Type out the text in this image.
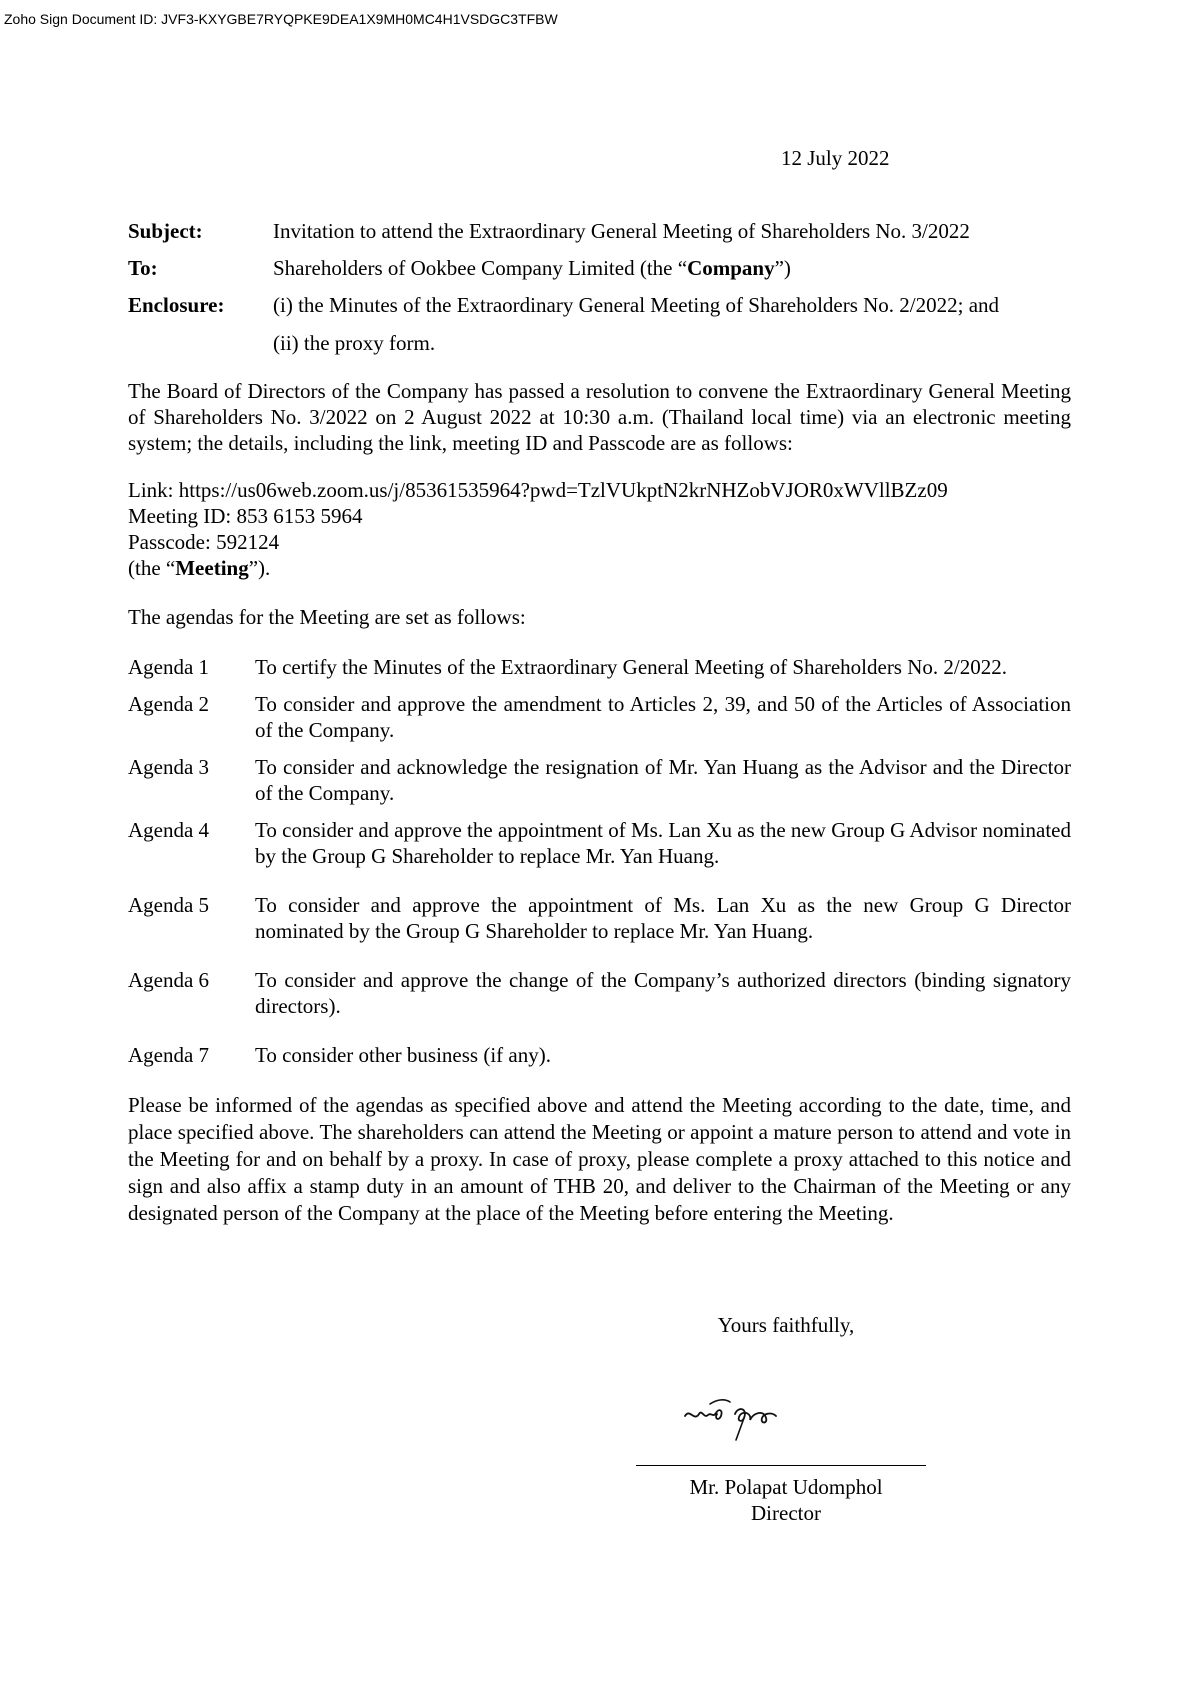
Zoho Sign Document ID: JVF3-KXYGBE7RYQPKE9DEA1X9MH0MC4H1VSDGC3TFBW
12 July 2022
Subject:	Invitation to attend the Extraordinary General Meeting of Shareholders No. 3/2022
To:	Shareholders of Ookbee Company Limited (the “Company”)
Enclosure:	(i) the Minutes of the Extraordinary General Meeting of Shareholders No. 2/2022; and
(ii) the proxy form.

The Board of Directors of the Company has passed a resolution to convene the Extraordinary General Meeting of Shareholders No. 3/2022 on 2 August 2022 at 10:30 a.m. (Thailand local time) via an electronic meeting system; the details, including the link, meeting ID and Passcode are as follows:

Link: https://us06web.zoom.us/j/85361535964?pwd=TzlVUkptN2krNHZobVJOR0xWVllBZz09
Meeting ID: 853 6153 5964
Passcode: 592124
(the “Meeting”).
The agendas for the Meeting are set as follows:
Agenda 1	To certify the Minutes of the Extraordinary General Meeting of Shareholders No. 2/2022.
Agenda 2	To consider and approve the amendment to Articles 2, 39, and 50 of the Articles of Association of the Company.
Agenda 3	To consider and acknowledge the resignation of Mr. Yan Huang as the Advisor and the Director of the Company.
Agenda 4	To consider and approve the appointment of Ms. Lan Xu as the new Group G Advisor nominated by the Group G Shareholder to replace Mr. Yan Huang.
Agenda 5	To consider and approve the appointment of Ms. Lan Xu as the new Group G Director nominated by the Group G Shareholder to replace Mr. Yan Huang.
Agenda 6	To consider and approve the change of the Company’s authorized directors (binding signatory directors).
Agenda 7	To consider other business (if any).

Please be informed of the agendas as specified above and attend the Meeting according to the date, time, and place specified above. The shareholders can attend the Meeting or appoint a mature person to attend and vote in the Meeting for and on behalf by a proxy. In case of proxy, please complete a proxy attached to this notice and sign and also affix a stamp duty in an amount of THB 20, and deliver to the Chairman of the Meeting or any designated person of the Company at the place of the Meeting before entering the Meeting.

Yours faithfully,
Mr. Polapat Udomphol
Director
